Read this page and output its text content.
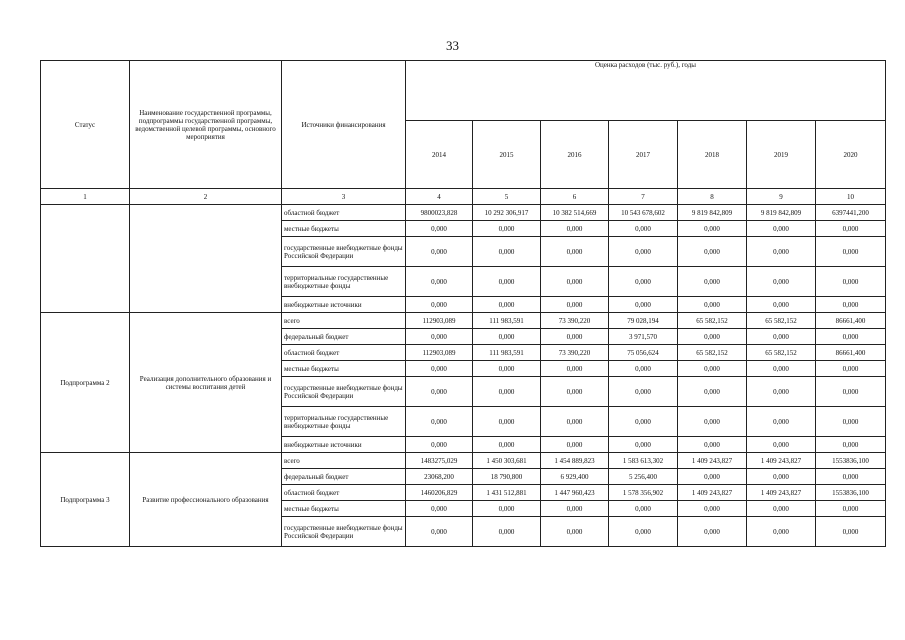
33
Статус	Наименование государственной программы, подпрограммы государственной программы, ведомственной целевой программы, основного мероприятия	Источники финансирования	Оценка расходов (тыс. руб.), годы						
			2014	2015	2016	2017	2018	2019	2020
1	2	3	4	5	6	7	8	9	10
		областной бюджет	9800023,828	10 292 306,917	10 382 514,669	10 543 678,602	9 819 842,809	9 819 842,809	6397441,200
		местные бюджеты	0,000	0,000	0,000	0,000	0,000	0,000	0,000
		государственные внебюджетные фонды Российской Федерации	0,000	0,000	0,000	0,000	0,000	0,000	0,000
		территориальные государственные внебюджетные фонды	0,000	0,000	0,000	0,000	0,000	0,000	0,000
		внебюджетные источники	0,000	0,000	0,000	0,000	0,000	0,000	0,000
Подпрограмма 2	Реализация дополнительного образования и системы воспитания детей	всего	112903,089	111 983,591	73 390,220	79 028,194	65 582,152	65 582,152	86661,400
		федеральный бюджет	0,000	0,000	0,000	3 971,570	0,000	0,000	0,000
		областной бюджет	112903,089	111 983,591	73 390,220	75 056,624	65 582,152	65 582,152	86661,400
		местные бюджеты	0,000	0,000	0,000	0,000	0,000	0,000	0,000
		государственные внебюджетные фонды Российской Федерации	0,000	0,000	0,000	0,000	0,000	0,000	0,000
		территориальные государственные внебюджетные фонды	0,000	0,000	0,000	0,000	0,000	0,000	0,000
		внебюджетные источники	0,000	0,000	0,000	0,000	0,000	0,000	0,000
Подпрограмма 3	Развитие профессионального образования	всего	1483275,029	1 450 303,681	1 454 889,823	1 583 613,302	1 409 243,827	1 409 243,827	1553836,100
		федеральный бюджет	23068,200	18 790,800	6 929,400	5 256,400	0,000	0,000	0,000
		областной бюджет	1460206,829	1 431 512,881	1 447 960,423	1 578 356,902	1 409 243,827	1 409 243,827	1553836,100
		местные бюджеты	0,000	0,000	0,000	0,000	0,000	0,000	0,000
		государственные внебюджетные фонды Российской Федерации	0,000	0,000	0,000	0,000	0,000	0,000	0,000
